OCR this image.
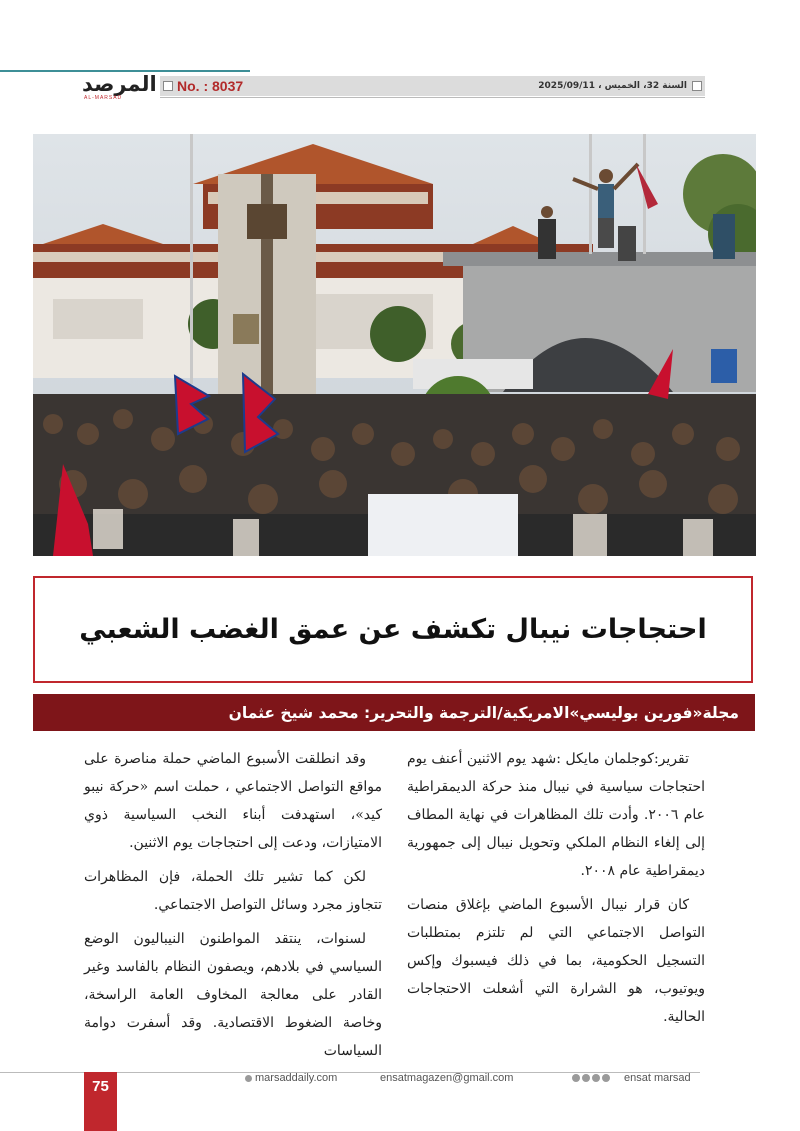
المرصد
AL-MARSAD
No. : 8037	السنة 32، الخميس ، 2025/09/11
احتجاجات نيبال تكشف عن عمق الغضب الشعبي
مجلة«فورين بوليسي»الامريكية/الترجمة والتحرير: محمد شيخ عثمان

تقرير:كوجلمان مايكل :شهد يوم الاثنين أعنف يوم احتجاجات سياسية في نيبال منذ حركة الديمقراطية عام ٢٠٠٦. وأدت تلك المظاهرات في نهاية المطاف إلى إلغاء النظام الملكي وتحويل نيبال إلى جمهورية ديمقراطية عام ٢٠٠٨.

كان قرار نيبال الأسبوع الماضي بإغلاق منصات التواصل الاجتماعي التي لم تلتزم بمتطلبات التسجيل الحكومية، بما في ذلك فيسبوك وإكس ويوتيوب، هو الشرارة التي أشعلت الاحتجاجات الحالية.

وقد انطلقت الأسبوع الماضي حملة مناصرة على مواقع التواصل الاجتماعي ، حملت اسم «حركة نيبو كيد»، استهدفت أبناء النخب السياسية ذوي الامتيازات، ودعت إلى احتجاجات يوم الاثنين.

لكن كما تشير تلك الحملة، فإن المظاهرات تتجاوز مجرد وسائل التواصل الاجتماعي.

لسنوات، ينتقد المواطنون النيباليون الوضع السياسي في بلادهم، ويصفون النظام بالفاسد وغير القادر على معالجة المخاوف العامة الراسخة، وخاصة الضغوط الاقتصادية. وقد أسفرت دوامة السياسات

75	marsaddaily.com	ensatmagazen@gmail.com	ensat marsad
